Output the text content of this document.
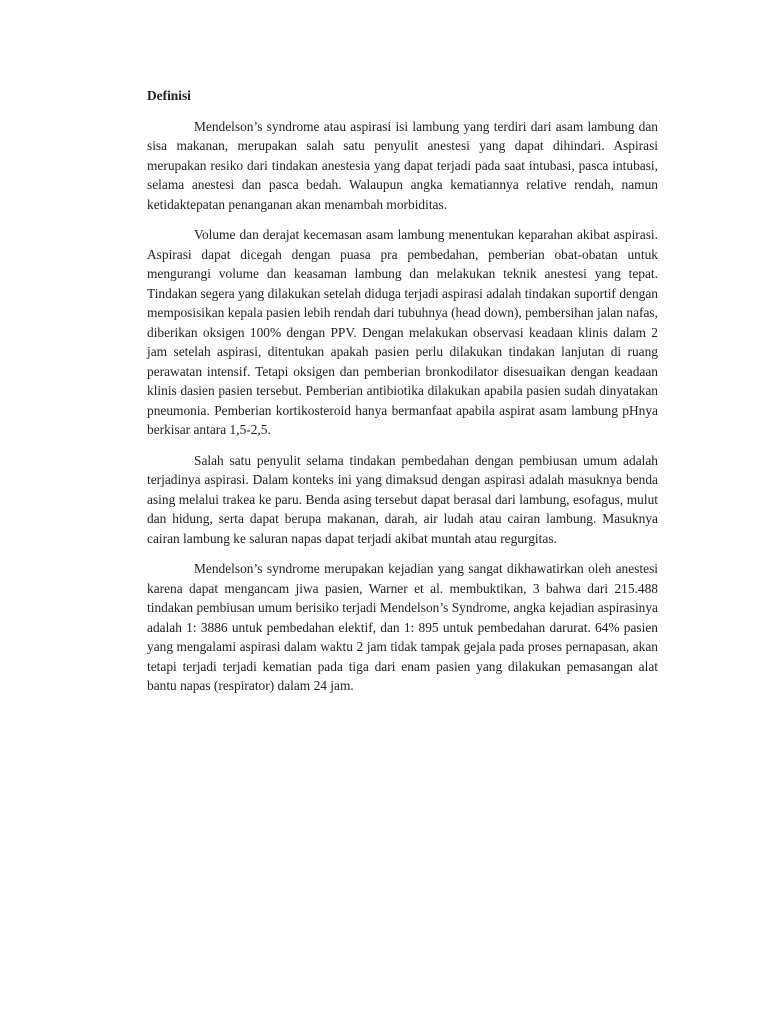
Definisi

Mendelson’s syndrome atau aspirasi isi lambung yang terdiri dari asam lambung dan sisa makanan, merupakan salah satu penyulit anestesi yang dapat dihindari. Aspirasi merupakan resiko dari tindakan anestesia yang dapat terjadi pada saat intubasi, pasca intubasi, selama anestesi dan pasca bedah. Walaupun angka kematiannya relative rendah, namun ketidaktepatan penanganan akan menambah morbiditas.

Volume dan derajat kecemasan asam lambung menentukan keparahan akibat aspirasi. Aspirasi dapat dicegah dengan puasa pra pembedahan, pemberian obat-obatan untuk mengurangi volume dan keasaman lambung dan melakukan teknik anestesi yang tepat. Tindakan segera yang dilakukan setelah diduga terjadi aspirasi adalah tindakan suportif dengan memposisikan kepala pasien lebih rendah dari tubuhnya (head down), pembersihan jalan nafas, diberikan oksigen 100% dengan PPV. Dengan melakukan observasi keadaan klinis dalam 2 jam setelah aspirasi, ditentukan apakah pasien perlu dilakukan tindakan lanjutan di ruang perawatan intensif. Tetapi oksigen dan pemberian bronkodilator disesuaikan dengan keadaan klinis dasien pasien tersebut. Pemberian antibiotika dilakukan apabila pasien sudah dinyatakan pneumonia. Pemberian kortikosteroid hanya bermanfaat apabila aspirat asam lambung pHnya berkisar antara 1,5-2,5.

Salah satu penyulit selama tindakan pembedahan dengan pembiusan umum adalah terjadinya aspirasi. Dalam konteks ini yang dimaksud dengan aspirasi adalah masuknya benda asing melalui trakea ke paru. Benda asing tersebut dapat berasal dari lambung, esofagus, mulut dan hidung, serta dapat berupa makanan, darah, air ludah atau cairan lambung. Masuknya cairan lambung ke saluran napas dapat terjadi akibat muntah atau regurgitas.

Mendelson’s syndrome merupakan kejadian yang sangat dikhawatirkan oleh anestesi karena dapat mengancam jiwa pasien, Warner et al. membuktikan, 3 bahwa dari 215.488 tindakan pembiusan umum berisiko terjadi Mendelson’s Syndrome, angka kejadian aspirasinya adalah 1: 3886 untuk pembedahan elektif, dan 1: 895 untuk pembedahan darurat. 64% pasien yang mengalami aspirasi dalam waktu 2 jam tidak tampak gejala pada proses pernapasan, akan tetapi terjadi terjadi kematian pada tiga dari enam pasien yang dilakukan pemasangan alat bantu napas (respirator) dalam 24 jam.
